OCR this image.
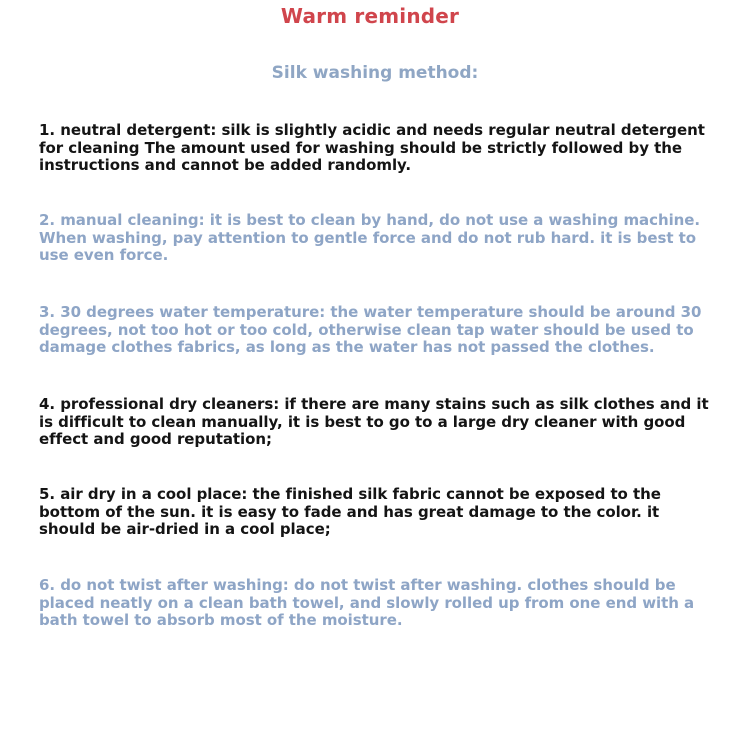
Warm reminder
Silk washing method:

1. neutral detergent: silk is slightly acidic and needs regular neutral detergent for cleaning The amount used for washing should be strictly followed by the instructions and cannot be added randomly.

2. manual cleaning: it is best to clean by hand, do not use a washing machine. When washing, pay attention to gentle force and do not rub hard. it is best to use even force.

3. 30 degrees water temperature: the water temperature should be around 30 degrees, not too hot or too cold, otherwise clean tap water should be used to damage clothes fabrics, as long as the water has not passed the clothes.

4. professional dry cleaners: if there are many stains such as silk clothes and it is difficult to clean manually, it is best to go to a large dry cleaner with good effect and good reputation;

5. air dry in a cool place: the finished silk fabric cannot be exposed to the bottom of the sun. it is easy to fade and has great damage to the color. it should be air-dried in a cool place;

6. do not twist after washing: do not twist after washing. clothes should be placed neatly on a clean bath towel, and slowly rolled up from one end with a bath towel to absorb most of the moisture.
